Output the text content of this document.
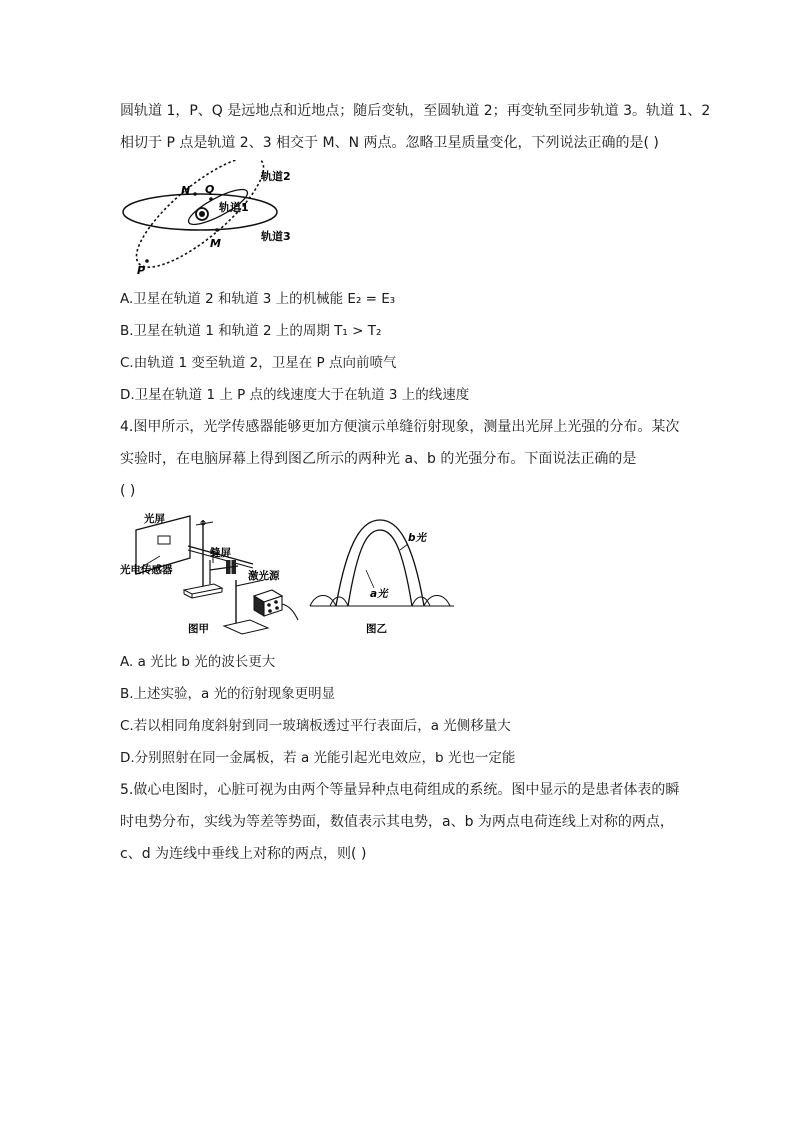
圆轨道 1，P、Q 是远地点和近地点；随后变轨，至圆轨道 2；再变轨至同步轨道 3。轨道 1、2
相切于 P 点是轨道 2、3 相交于 M、N 两点。忽略卫星质量变化，下列说法正确的是( )
N Q
M
P
轨道1
轨道2
轨道3
A.卫星在轨道 2 和轨道 3 上的机械能 E₂ = E₃
B.卫星在轨道 1 和轨道 2 上的周期 T₁ > T₂
C.由轨道 1 变至轨道 2，卫星在 P 点向前喷气
D.卫星在轨道 1 上 P 点的线速度大于在轨道 3 上的线速度
4.图甲所示，光学传感器能够更加方便演示单缝衍射现象，测量出光屏上光强的分布。某次
实验时，在电脑屏幕上得到图乙所示的两种光 a、b 的光强分布。下面说法正确的是
( )
光屏
光电传感器
缝屏
激光源
图甲
a光
b光
图乙
A. a 光比 b 光的波长更大
B.上述实验，a 光的衍射现象更明显
C.若以相同角度斜射到同一玻璃板透过平行表面后，a 光侧移量大
D.分别照射在同一金属板，若 a 光能引起光电效应，b 光也一定能
5.做心电图时，心脏可视为由两个等量异种点电荷组成的系统。图中显示的是患者体表的瞬
时电势分布，实线为等差等势面，数值表示其电势，a、b 为两点电荷连线上对称的两点，
c、d 为连线中垂线上对称的两点，则( )
